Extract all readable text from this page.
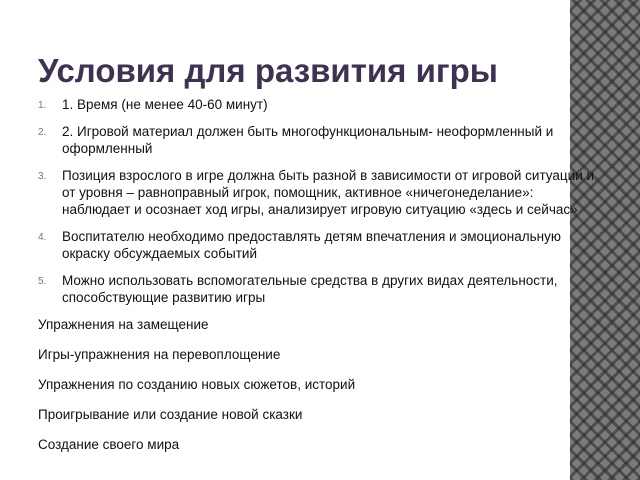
Условия для развития игры
1. 1. Время (не менее 40-60 минут)
2. 2. Игровой материал должен быть многофункциональным- неоформленный и оформленный
3. Позиция взрослого в игре должна быть разной в зависимости от игровой ситуации и от уровня – равноправный игрок, помощник, активное «ничегонеделание»: наблюдает и осознает ход игры, анализирует игровую ситуацию «здесь и сейчас»
4. Воспитателю необходимо предоставлять детям впечатления и эмоциональную окраску обсуждаемых событий
5. Можно использовать вспомогательные средства в других видах деятельности, способствующие развитию игры

Упражнения на замещение

Игры-упражнения на перевоплощение

Упражнения по созданию новых сюжетов, историй

Проигрывание или создание новой сказки

Создание своего мира
